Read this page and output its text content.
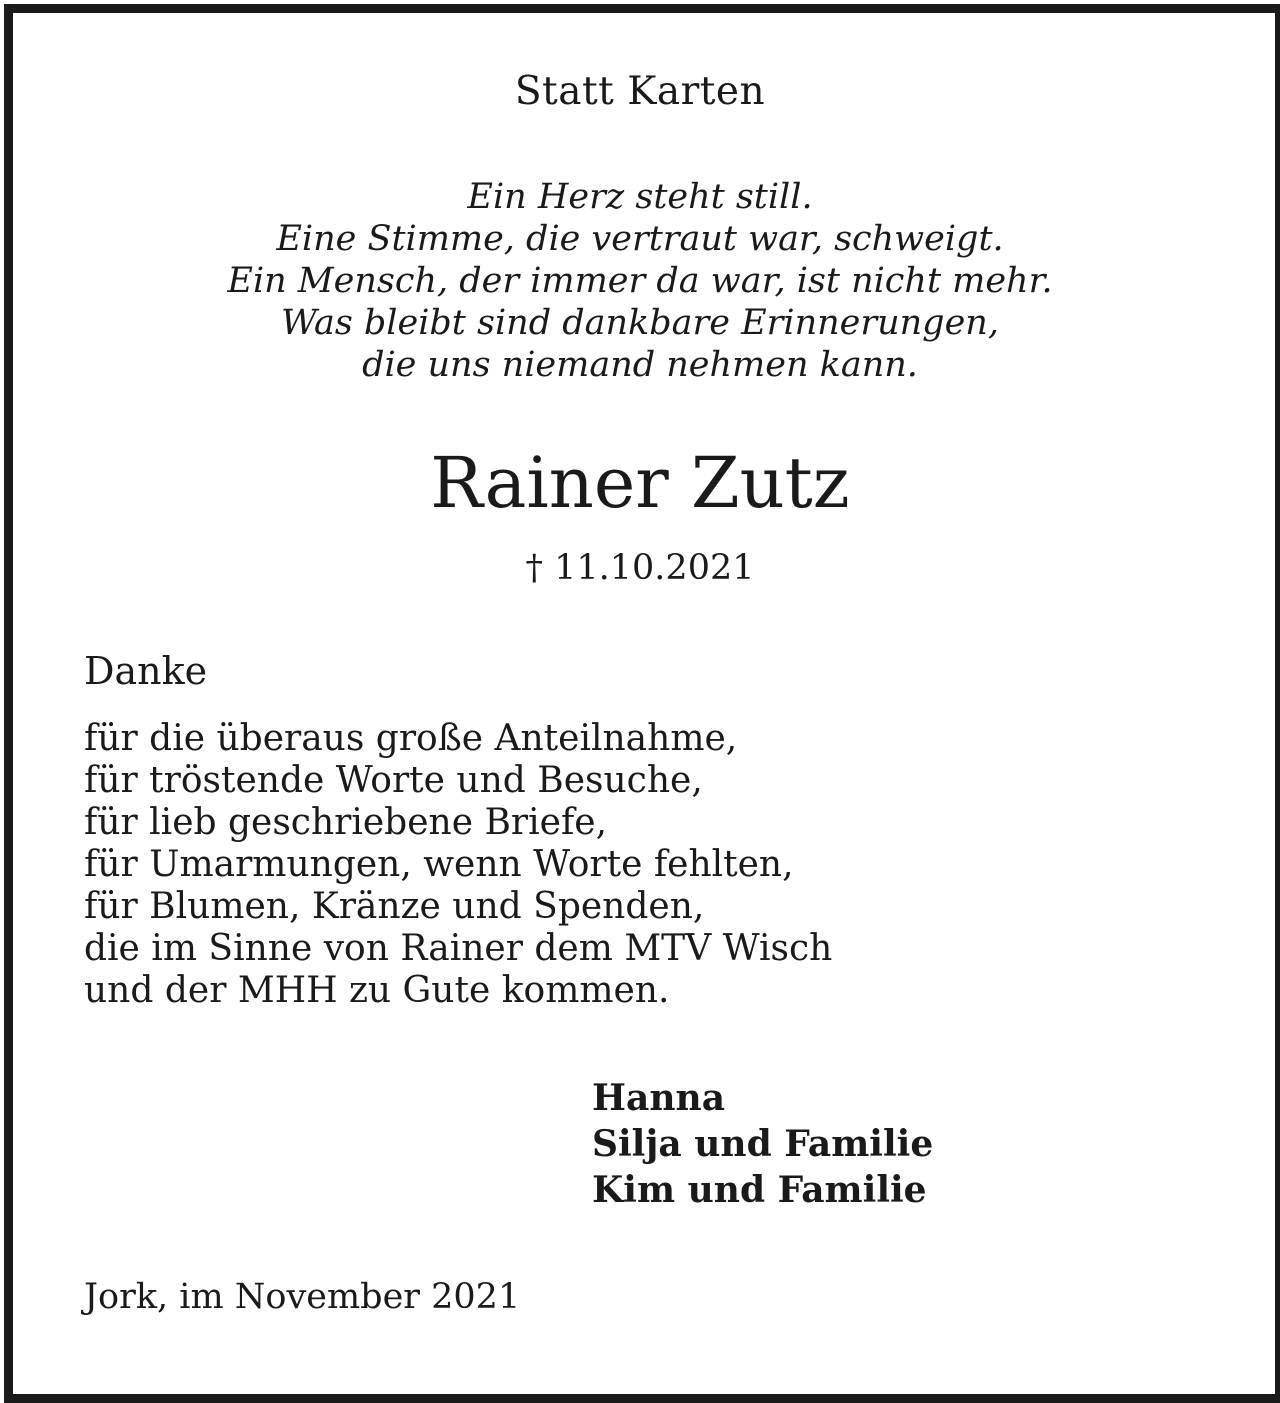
Statt Karten
Ein Herz steht still.
Eine Stimme, die vertraut war, schweigt.
Ein Mensch, der immer da war, ist nicht mehr.
Was bleibt sind dankbare Erinnerungen,
die uns niemand nehmen kann.
Rainer Zutz
† 11.10.2021
Danke
für die überaus große Anteilnahme,
für tröstende Worte und Besuche,
für lieb geschriebene Briefe,
für Umarmungen, wenn Worte fehlten,
für Blumen, Kränze und Spenden,
die im Sinne von Rainer dem MTV Wisch
und der MHH zu Gute kommen.
Hanna
Silja und Familie
Kim und Familie
Jork, im November 2021
